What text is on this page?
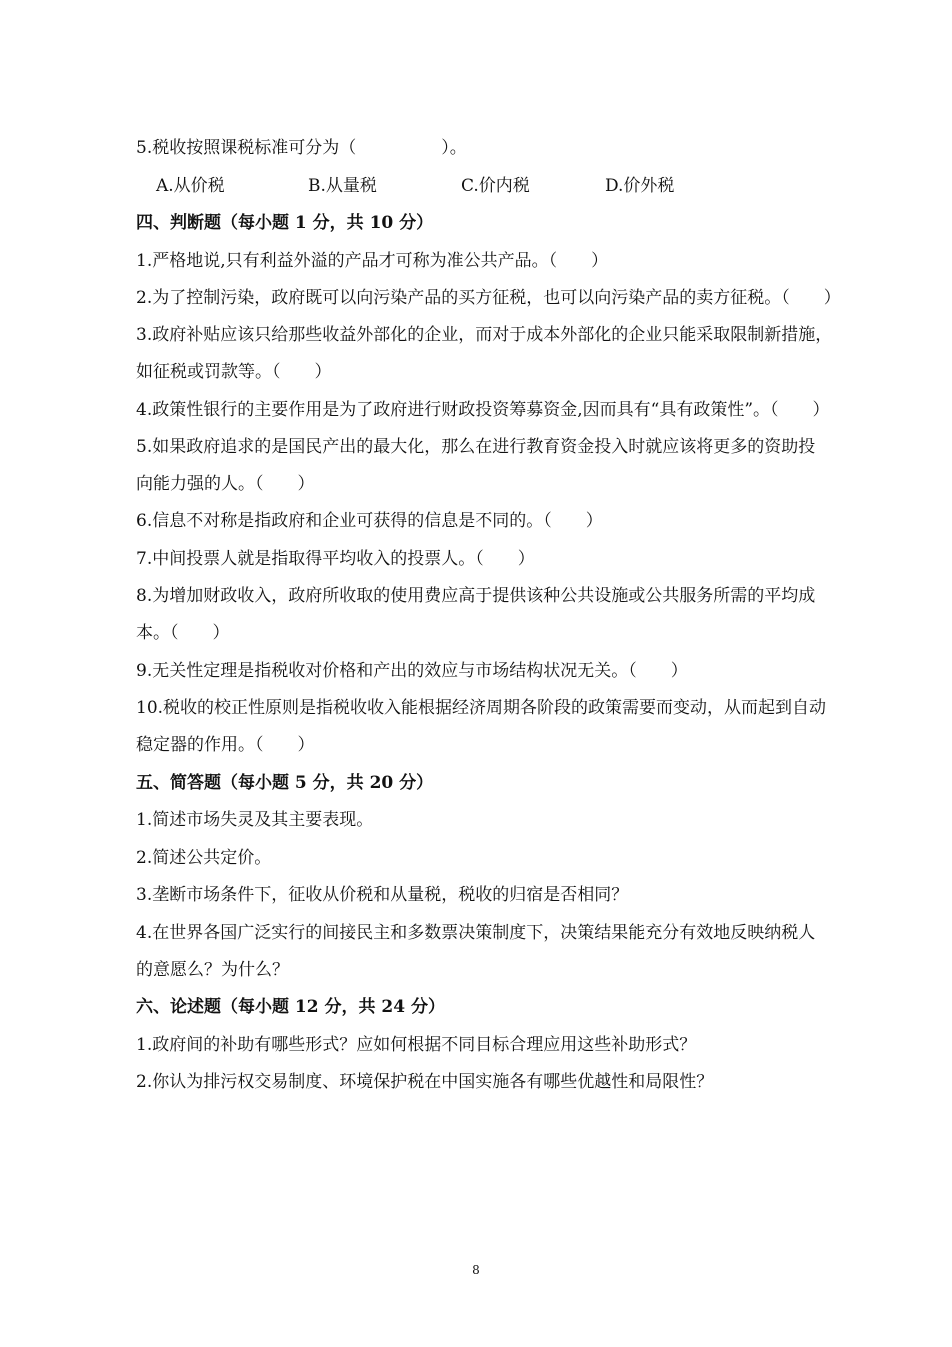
5.税收按照课税标准可分为（　　　　　）。
A.从价税	B.从量税	C.价内税	D.价外税
四、判断题（每小题 1 分，共 10 分）
1.严格地说,只有利益外溢的产品才可称为准公共产品。（　　）
2.为了控制污染，政府既可以向污染产品的买方征税，也可以向污染产品的卖方征税。（　　）
3.政府补贴应该只给那些收益外部化的企业，而对于成本外部化的企业只能采取限制新措施，
如征税或罚款等。（　　）
4.政策性银行的主要作用是为了政府进行财政投资筹募资金,因而具有“具有政策性”。（　　）
5.如果政府追求的是国民产出的最大化，那么在进行教育资金投入时就应该将更多的资助投
向能力强的人。（　　）
6.信息不对称是指政府和企业可获得的信息是不同的。（　　）
7.中间投票人就是指取得平均收入的投票人。（　　）
8.为增加财政收入，政府所收取的使用费应高于提供该种公共设施或公共服务所需的平均成
本。（　　）
9.无关性定理是指税收对价格和产出的效应与市场结构状况无关。（　　）
10.税收的校正性原则是指税收收入能根据经济周期各阶段的政策需要而变动，从而起到自动
稳定器的作用。（　　）
五、简答题（每小题 5 分，共 20 分）
1.简述市场失灵及其主要表现。
2.简述公共定价。
3.垄断市场条件下，征收从价税和从量税，税收的归宿是否相同？
4.在世界各国广泛实行的间接民主和多数票决策制度下，决策结果能充分有效地反映纳税人
的意愿么？为什么？
六、论述题（每小题 12 分，共 24 分）
1.政府间的补助有哪些形式？应如何根据不同目标合理应用这些补助形式？
2.你认为排污权交易制度、环境保护税在中国实施各有哪些优越性和局限性？
8
